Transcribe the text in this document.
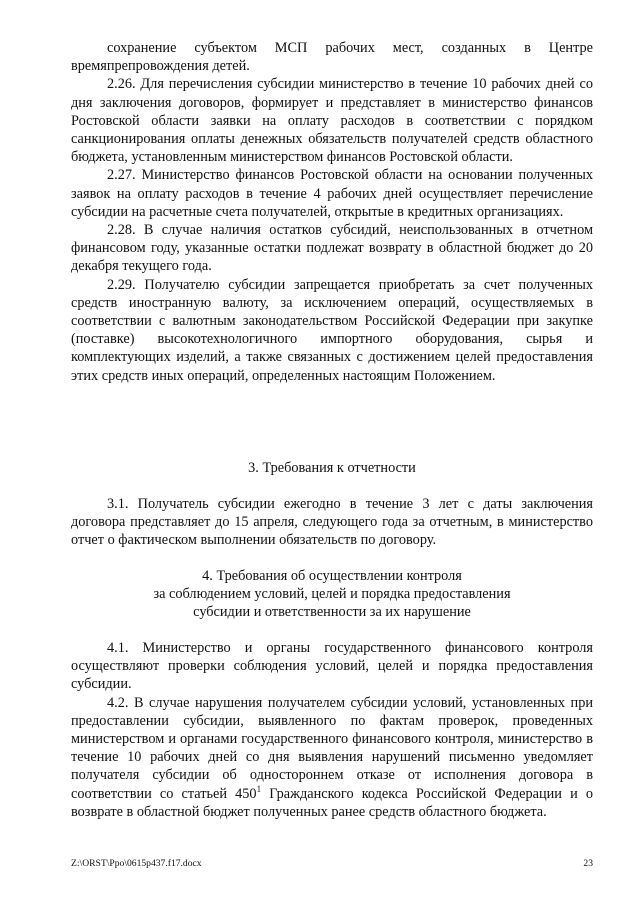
сохранение субъектом МСП рабочих мест, созданных в Центре времяпрепровождения детей.

2.26. Для перечисления субсидии министерство в течение 10 рабочих дней со дня заключения договоров, формирует и представляет в министерство финансов Ростовской области заявки на оплату расходов в соответствии с порядком санкционирования оплаты денежных обязательств получателей средств областного бюджета, установленным министерством финансов Ростовской области.

2.27. Министерство финансов Ростовской области на основании полученных заявок на оплату расходов в течение 4 рабочих дней осуществляет перечисление субсидии на расчетные счета получателей, открытые в кредитных организациях.

2.28. В случае наличия остатков субсидий, неиспользованных в отчетном финансовом году, указанные остатки подлежат возврату в областной бюджет до 20 декабря текущего года.

2.29. Получателю субсидии запрещается приобретать за счет полученных средств иностранную валюту, за исключением операций, осуществляемых в соответствии с валютным законодательством Российской Федерации при закупке (поставке) высокотехнологичного импортного оборудования, сырья и комплектующих изделий, а также связанных с достижением целей предоставления этих средств иных операций, определенных настоящим Положением.

3. Требования к отчетности

3.1. Получатель субсидии ежегодно в течение 3 лет с даты заключения договора представляет до 15 апреля, следующего года за отчетным, в министерство отчет о фактическом выполнении обязательств по договору.

4. Требования об осуществлении контроля
за соблюдением условий, целей и порядка предоставления
субсидии и ответственности за их нарушение

4.1. Министерство и органы государственного финансового контроля осуществляют проверки соблюдения условий, целей и порядка предоставления субсидии.

4.2. В случае нарушения получателем субсидии условий, установленных при предоставлении субсидии, выявленного по фактам проверок, проведенных министерством и органами государственного финансового контроля, министерство в течение 10 рабочих дней со дня выявления нарушений письменно уведомляет получателя субсидии об одностороннем отказе от исполнения договора в соответствии со статьей $450^1$ Гражданского кодекса Российской Федерации и о возврате в областной бюджет полученных ранее средств областного бюджета.

Z:\ORST\Ppo\0615p437.f17.docx	23
